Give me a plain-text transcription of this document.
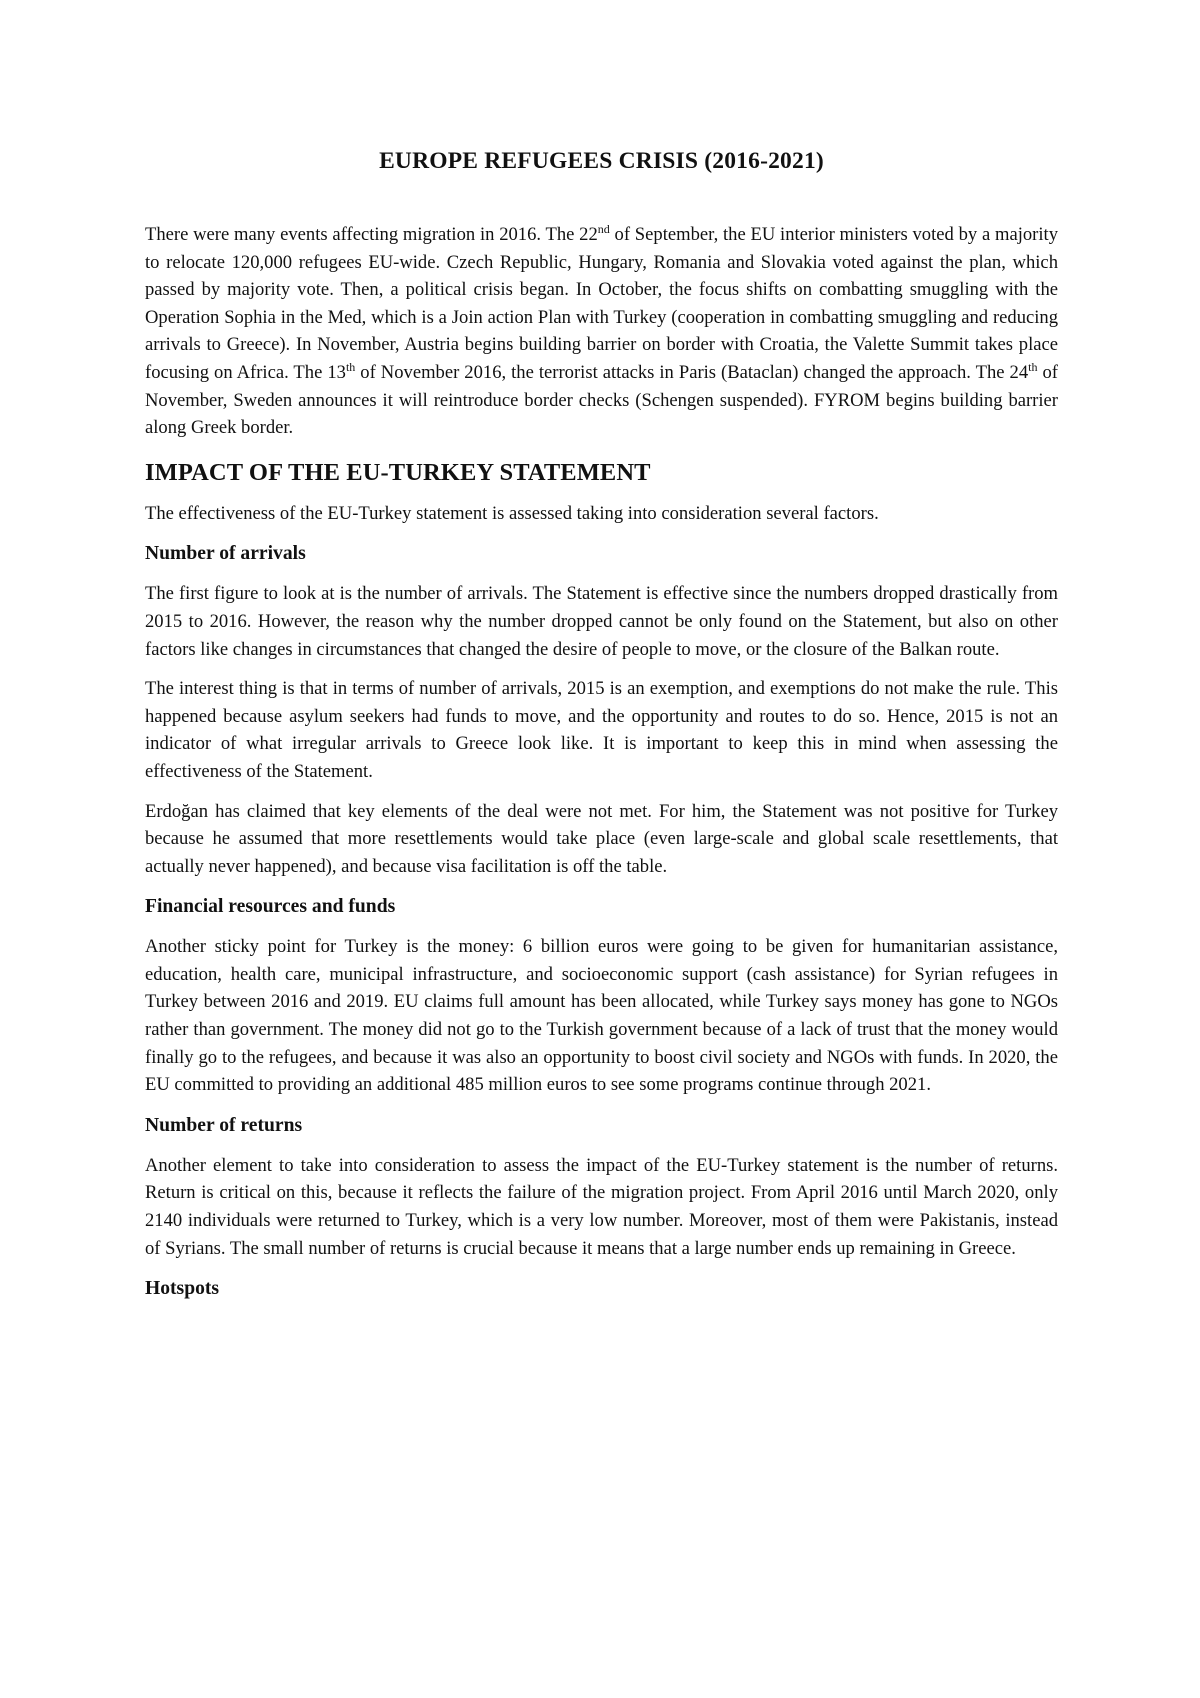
EUROPE REFUGEES CRISIS (2016-2021)

There were many events affecting migration in 2016. The 22nd of September, the EU interior ministers voted by a majority to relocate 120,000 refugees EU-wide. Czech Republic, Hungary, Romania and Slovakia voted against the plan, which passed by majority vote. Then, a political crisis began. In October, the focus shifts on combatting smuggling with the Operation Sophia in the Med, which is a Join action Plan with Turkey (cooperation in combatting smuggling and reducing arrivals to Greece). In November, Austria begins building barrier on border with Croatia, the Valette Summit takes place focusing on Africa. The 13th of November 2016, the terrorist attacks in Paris (Bataclan) changed the approach. The 24th of November, Sweden announces it will reintroduce border checks (Schengen suspended). FYROM begins building barrier along Greek border.

IMPACT OF THE EU-TURKEY STATEMENT

The effectiveness of the EU-Turkey statement is assessed taking into consideration several factors.

Number of arrivals

The first figure to look at is the number of arrivals. The Statement is effective since the numbers dropped drastically from 2015 to 2016. However, the reason why the number dropped cannot be only found on the Statement, but also on other factors like changes in circumstances that changed the desire of people to move, or the closure of the Balkan route.

The interest thing is that in terms of number of arrivals, 2015 is an exemption, and exemptions do not make the rule. This happened because asylum seekers had funds to move, and the opportunity and routes to do so. Hence, 2015 is not an indicator of what irregular arrivals to Greece look like. It is important to keep this in mind when assessing the effectiveness of the Statement.

Erdoğan has claimed that key elements of the deal were not met. For him, the Statement was not positive for Turkey because he assumed that more resettlements would take place (even large-scale and global scale resettlements, that actually never happened), and because visa facilitation is off the table.

Financial resources and funds

Another sticky point for Turkey is the money: 6 billion euros were going to be given for humanitarian assistance, education, health care, municipal infrastructure, and socioeconomic support (cash assistance) for Syrian refugees in Turkey between 2016 and 2019. EU claims full amount has been allocated, while Turkey says money has gone to NGOs rather than government. The money did not go to the Turkish government because of a lack of trust that the money would finally go to the refugees, and because it was also an opportunity to boost civil society and NGOs with funds. In 2020, the EU committed to providing an additional 485 million euros to see some programs continue through 2021.

Number of returns

Another element to take into consideration to assess the impact of the EU-Turkey statement is the number of returns. Return is critical on this, because it reflects the failure of the migration project. From April 2016 until March 2020, only 2140 individuals were returned to Turkey, which is a very low number. Moreover, most of them were Pakistanis, instead of Syrians. The small number of returns is crucial because it means that a large number ends up remaining in Greece.

Hotspots
